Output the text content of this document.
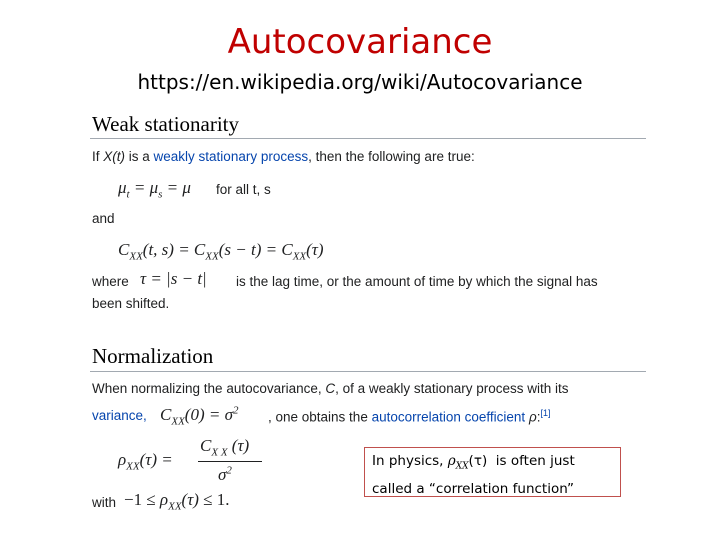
Autocovariance
https://en.wikipedia.org/wiki/Autocovariance
Weak stationarity
If X(t) is a weakly stationary process, then the following are true:
$\mu_t = \mu_s = \mu$ for all t, s
and
$C_{XX}(t$, $s) = C_{XX}(s - t) = C_{XX}(\tau)$
where τ = |s − t| is the lag time, or the amount of time by which the signal has
been shifted.
Normalization
When normalizing the autocovariance, C, of a weakly stationary process with its
variance, $C_{XX}(0) = \sigma^2$ , one obtains the autocorrelation coefficient ρ:[1]
$\rho_{XX}(\tau)$ =
$C_{X X}$ (τ)
$\sigma^2$
with $-1 \le \rho_{XX}(\tau) \le 1$.
In physics, $\rho_{XX}(\tau)$  is often just
called a “correlation function”
